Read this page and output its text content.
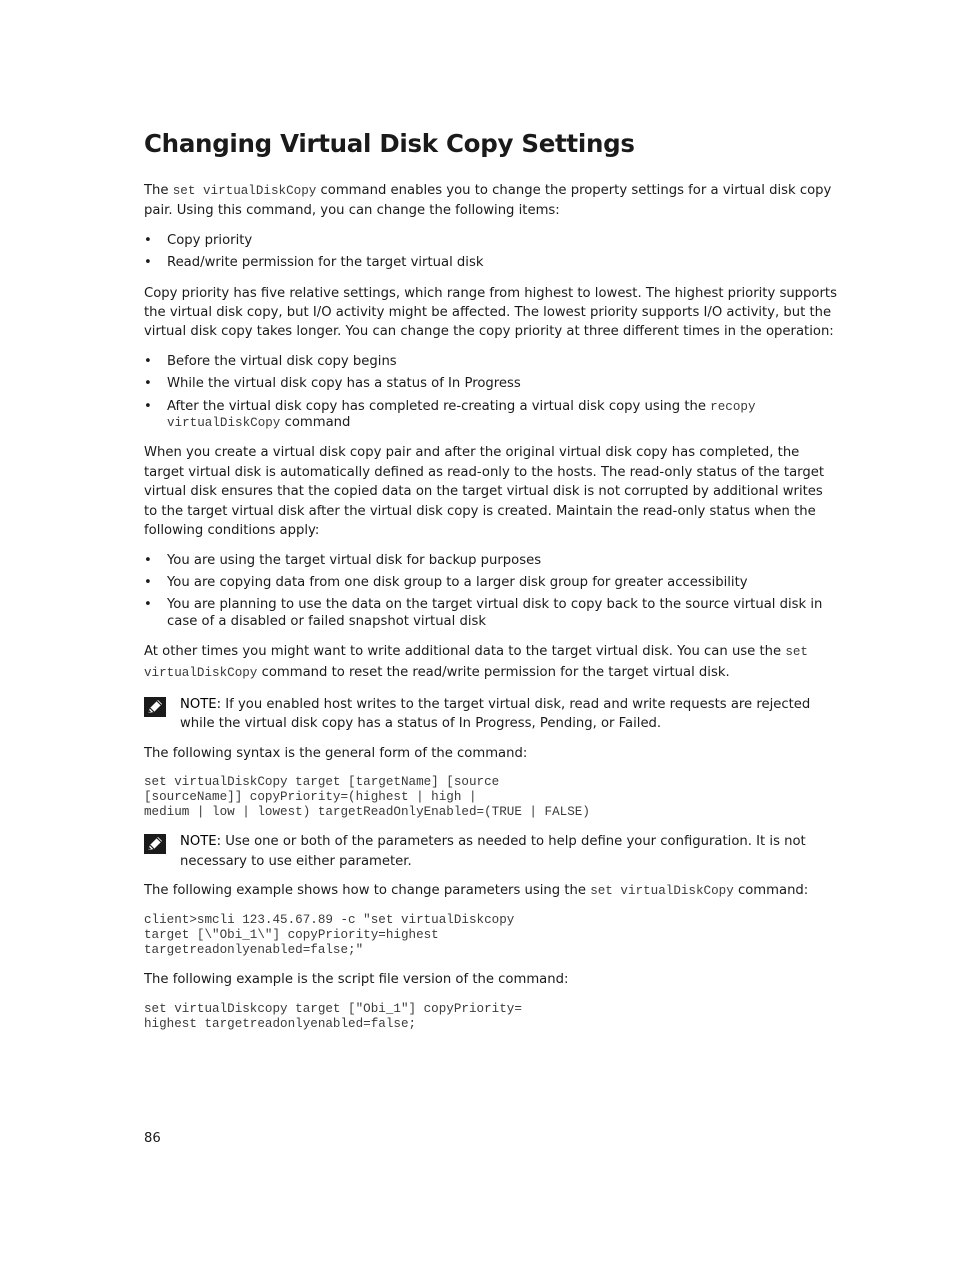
Changing Virtual Disk Copy Settings

The set virtualDiskCopy command enables you to change the property settings for a virtual disk copy pair. Using this command, you can change the following items:

• Copy priority
• Read/write permission for the target virtual disk

Copy priority has five relative settings, which range from highest to lowest. The highest priority supports the virtual disk copy, but I/O activity might be affected. The lowest priority supports I/O activity, but the virtual disk copy takes longer. You can change the copy priority at three different times in the operation:

• Before the virtual disk copy begins
• While the virtual disk copy has a status of In Progress
• After the virtual disk copy has completed re-creating a virtual disk copy using the recopy virtualDiskCopy command

When you create a virtual disk copy pair and after the original virtual disk copy has completed, the target virtual disk is automatically defined as read-only to the hosts. The read-only status of the target virtual disk ensures that the copied data on the target virtual disk is not corrupted by additional writes to the target virtual disk after the virtual disk copy is created. Maintain the read-only status when the following conditions apply:

• You are using the target virtual disk for backup purposes
• You are copying data from one disk group to a larger disk group for greater accessibility
• You are planning to use the data on the target virtual disk to copy back to the source virtual disk in case of a disabled or failed snapshot virtual disk

At other times you might want to write additional data to the target virtual disk. You can use the set virtualDiskCopy command to reset the read/write permission for the target virtual disk.

NOTE: If you enabled host writes to the target virtual disk, read and write requests are rejected while the virtual disk copy has a status of In Progress, Pending, or Failed.

The following syntax is the general form of the command:

set virtualDiskCopy target [targetName] [source
[sourceName]] copyPriority=(highest | high |
medium | low | lowest) targetReadOnlyEnabled=(TRUE | FALSE)
NOTE: Use one or both of the parameters as needed to help define your configuration. It is not necessary to use either parameter.

The following example shows how to change parameters using the set virtualDiskCopy command:

client>smcli 123.45.67.89 -c "set virtualDiskcopy
target [\"Obi_1\"] copyPriority=highest
targetreadonlyenabled=false;"

The following example is the script file version of the command:

set virtualDiskcopy target ["Obi_1"] copyPriority=
highest targetreadonlyenabled=false;
86
